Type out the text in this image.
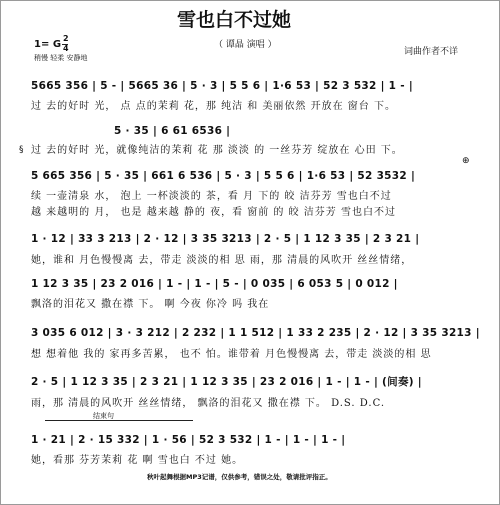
雪也白不过她
（ 谭晶 演唱 ）
词曲作者不详
1= G
2
4
稍慢 轻柔 安静地
5665 356 | 5 - | 5665 36 | 5 · 3 | 5 5 6 | 1·6 53 | 52 3 532 | 1 - |
过 去的好时 光， 点 点的茉莉 花，那 纯洁 和 美丽依然 开放在 窗台 下。
§
5 · 35 | 6 61 6536 |
过 去的好时 光，就像纯洁的茉莉 花 那 淡淡 的 一丝芬芳 绽放在 心田 下。
⊕
5 665 356 | 5 · 35 | 661 6 536 | 5 · 3 | 5 5 6 | 1·6 53 | 52 3532 |
续 一壶清泉 水， 泡上 一杯淡淡的 茶，看 月 下的 皎 洁芬芳 雪也白不过
越 来越明的 月， 也是 越来越 静的 夜，看 窗前 的 皎 洁芬芳 雪也白不过
1 · 12 | 33 3 213 | 2 · 12 | 3 35 3213 | 2 · 5 | 1 12 3 35 | 2 3 21 |
她，谁和 月色慢慢离 去，带走 淡淡的相 思 雨，那 清晨的风吹开 丝丝情绪，
1 12 3 35 | 23 2 016 | 1 - | 1 - | 5 - | 0 035 | 6 053 5 | 0 012 |
飘洛的泪花又 撒在襟 下。 啊 今夜 你冷 吗 我在
3 035 6 012 | 3 · 3 212 | 2 232 | 1 1 512 | 1 33 2 235 | 2 · 12 | 3 35 3213 |
想 想着他 我的 家再多苦累， 也不 怕。谁带着 月色慢慢离 去，带走 淡淡的相 思
2 · 5 | 1 12 3 35 | 2 3 21 | 1 12 3 35 | 23 2 016 | 1 - | 1 - | (间奏) |
雨，那 清晨的风吹开 丝丝情绪， 飘洛的泪花又 撒在襟 下。 D.S. D.C.
结束句
1 · 21 | 2 · 15 332 | 1 · 56 | 52 3 532 | 1 - | 1 - | 1 - |
她，看那 芬芳茉莉 花 啊 雪也白 不过 她。
秋叶起舞根据MP3记谱，仅供参考，错误之处，敬请批评指正。
